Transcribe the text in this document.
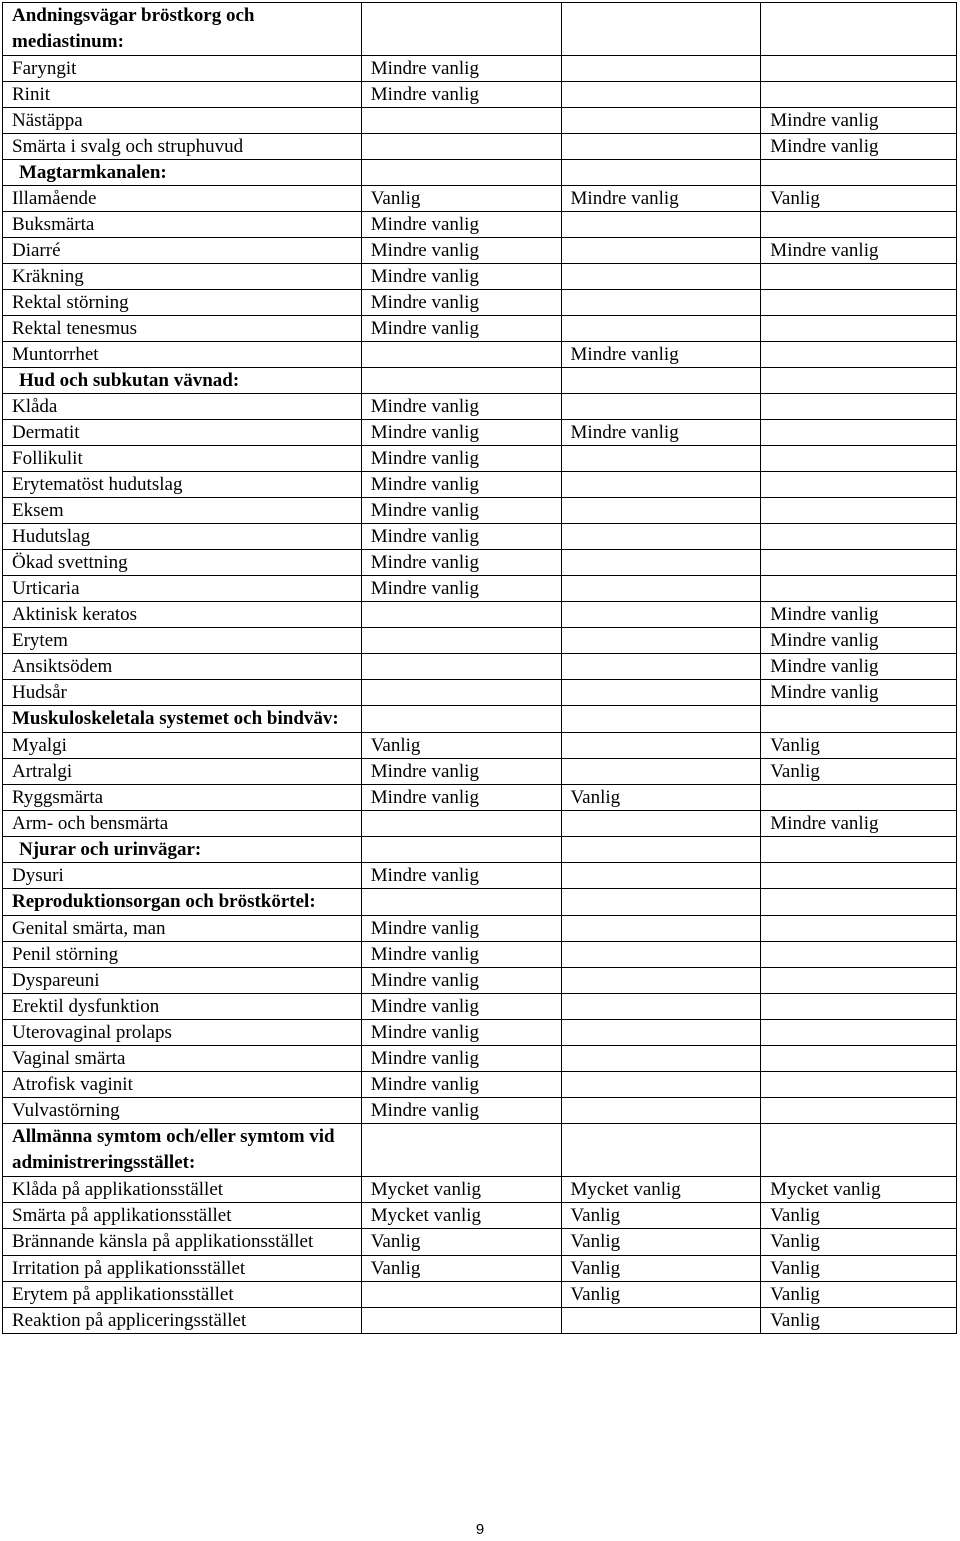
Andningsvägar bröstkorg och mediastinum:			
Faryngit	Mindre vanlig		
Rinit	Mindre vanlig		
Nästäppa			Mindre vanlig
Smärta i svalg och struphuvud			Mindre vanlig
Magtarmkanalen:			
Illamående	Vanlig	Mindre vanlig	Vanlig
Buksmärta	Mindre vanlig		
Diarré	Mindre vanlig		Mindre vanlig
Kräkning	Mindre vanlig		
Rektal störning	Mindre vanlig		
Rektal tenesmus	Mindre vanlig		
Muntorrhet		Mindre vanlig	
Hud och subkutan vävnad:			
Klåda	Mindre vanlig		
Dermatit	Mindre vanlig	Mindre vanlig	
Follikulit	Mindre vanlig		
Erytematöst hudutslag	Mindre vanlig		
Eksem	Mindre vanlig		
Hudutslag	Mindre vanlig		
Ökad svettning	Mindre vanlig		
Urticaria	Mindre vanlig		
Aktinisk keratos			Mindre vanlig
Erytem			Mindre vanlig
Ansiktsödem			Mindre vanlig
Hudsår			Mindre vanlig
Muskuloskeletala systemet och bindväv:			
Myalgi	Vanlig		Vanlig
Artralgi	Mindre vanlig		Vanlig
Ryggsmärta	Mindre vanlig	Vanlig	
Arm- och bensmärta			Mindre vanlig
Njurar och urinvägar:			
Dysuri	Mindre vanlig		
Reproduktionsorgan och bröstkörtel:			
Genital smärta, man	Mindre vanlig		
Penil störning	Mindre vanlig		
Dyspareuni	Mindre vanlig		
Erektil dysfunktion	Mindre vanlig		
Uterovaginal prolaps	Mindre vanlig		
Vaginal smärta	Mindre vanlig		
Atrofisk vaginit	Mindre vanlig		
Vulvastörning	Mindre vanlig		
Allmänna symtom och/eller symtom vid administreringsstället:			
Klåda på applikationsstället	Mycket vanlig	Mycket vanlig	Mycket vanlig
Smärta på applikationsstället	Mycket vanlig	Vanlig	Vanlig
Brännande känsla på applikationsstället	Vanlig	Vanlig	Vanlig
Irritation på applikationsstället	Vanlig	Vanlig	Vanlig
Erytem på applikationsstället		Vanlig	Vanlig
Reaktion på appliceringsstället			Vanlig
9
